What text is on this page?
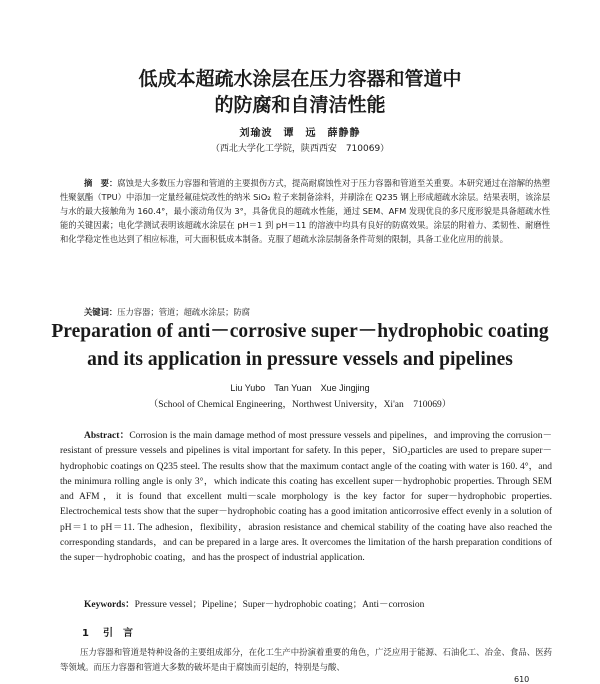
低成本超疏水涂层在压力容器和管道中
的防腐和自清洁性能
刘瑜波　谭　远　薛静静
（西北大学化工学院，陕西西安　710069）

摘　要：腐蚀是大多数压力容器和管道的主要损伤方式，提高耐腐蚀性对于压力容器和管道至关重要。本研究通过在溶解的热塑性聚氨酯（TPU）中添加一定量经氟硅烷改性的纳米 SiO₂ 粒子来制备涂料，并刷涂在 Q235 钢上形成超疏水涂层。结果表明，该涂层与水的最大接触角为 160.4°，最小滚动角仅为 3°，具备优良的超疏水性能，通过 SEM、AFM 发现优良的多尺度形貌是具备超疏水性能的关键因素；电化学测试表明该超疏水涂层在 pH＝1 到 pH＝11 的溶液中均具有良好的防腐效果。涂层的附着力、柔韧性、耐磨性和化学稳定性也达到了相应标准，可大面积低成本制备。克服了超疏水涂层制备条件苛刻的限制，具备工业化应用的前景。

关键词：压力容器；管道；超疏水涂层；防腐
Preparation of anti－corrosive super－hydrophobic coating
and its application in pressure vessels and pipelines
Liu Yubo　Tan Yuan　Xue Jingjing
（School of Chemical Engineering，Northwest University，Xi'an　710069）

Abstract：Corrosion is the main damage method of most pressure vessels and pipelines，and improving the corrusion－resistant of pressure vessels and pipelines is vital important for safety. In this peper，SiO₂particles are used to prepare super－hydrophobic coatings on Q235 steel. The results show that the maximum contact angle of the coating with water is 160. 4°，and the minimura rolling angle is only 3°，which indicate this coating has excellent super－hydrophobic properties. Through SEM and AFM，it is found that excellent multi－scale morphology is the key factor for super－hydrophobic properties. Electrochemical tests show that the super－hydrophobic coating has a good imitation anticorrosive effect evenly in a solution of pH＝1 to pH＝11. The adhesion，flexibility，abrasion resistance and chemical stability of the coating have also reached the corresponding standards，and can be prepared in a large ares. It overcomes the limitation of the harsh preparation conditions of the super－hydrophobic coating，and has the prospect of industrial application.

Keywords：Pressure vessel；Pipeline；Super－hydrophobic coating；Anti－corrosion
1 引　言

压力容器和管道是特种设备的主要组成部分，在化工生产中扮演着重要的角色，广泛应用于能源、石油化工、冶金、食品、医药等领域。而压力容器和管道大多数的破坏是由于腐蚀而引起的，特别是与酸、

610
